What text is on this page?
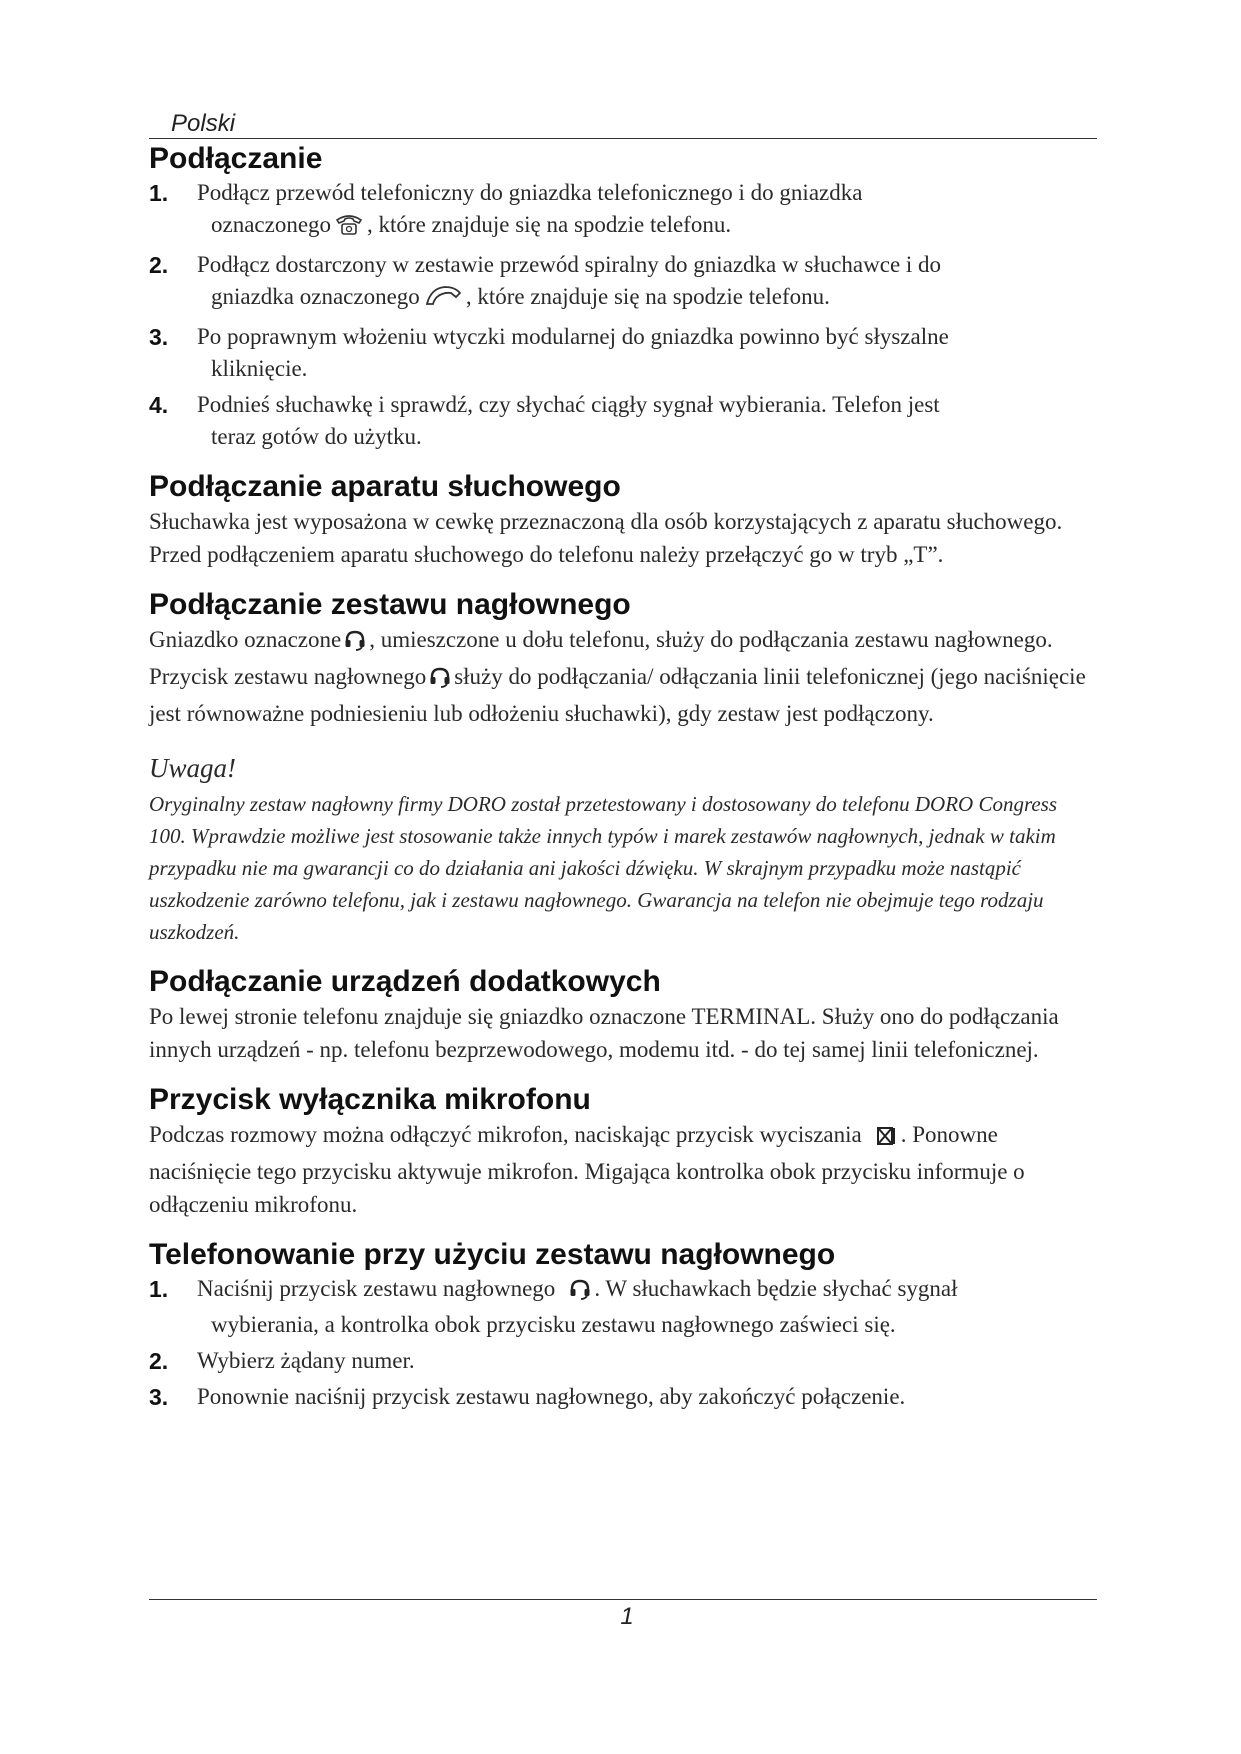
Polski
Podłączanie
1.	Podłącz przewód telefoniczny do gniazdka telefonicznego i do gniazdka
oznaczonego , które znajduje się na spodzie telefonu.
2.	Podłącz dostarczony w zestawie przewód spiralny do gniazdka w słuchawce i do
gniazdka oznaczonego , które znajduje się na spodzie telefonu.
3.	Po poprawnym włożeniu wtyczki modularnej do gniazdka powinno być słyszalne
kliknięcie.
4.	Podnieś słuchawkę i sprawdź, czy słychać ciągły sygnał wybierania. Telefon jest
teraz gotów do użytku.
Podłączanie aparatu słuchowego

Słuchawka jest wyposażona w cewkę przeznaczoną dla osób korzystających z aparatu słuchowego. Przed podłączeniem aparatu słuchowego do telefonu należy przełączyć go w tryb „T”.

Podłączanie zestawu nagłownego

Gniazdko oznaczone , umieszczone u dołu telefonu, służy do podłączania zestawu nagłownego. Przycisk zestawu nagłownego służy do podłączania/ odłączania linii telefonicznej (jego naciśnięcie jest równoważne podniesieniu lub odłożeniu słuchawki), gdy zestaw jest podłączony.

Uwaga!

Oryginalny zestaw nagłowny firmy DORO został przetestowany i dostosowany do telefonu DORO Congress 100. Wprawdzie możliwe jest stosowanie także innych typów i marek zestawów nagłownych, jednak w takim przypadku nie ma gwarancji co do działania ani jakości dźwięku. W skrajnym przypadku może nastąpić uszkodzenie zarówno telefonu, jak i zestawu nagłownego. Gwarancja na telefon nie obejmuje tego rodzaju uszkodzeń.

Podłączanie urządzeń dodatkowych

Po lewej stronie telefonu znajduje się gniazdko oznaczone TERMINAL. Służy ono do podłączania innych urządzeń - np. telefonu bezprzewodowego, modemu itd. - do tej samej linii telefonicznej.

Przycisk wyłącznika mikrofonu

Podczas rozmowy można odłączyć mikrofon, naciskając przycisk wyciszania . Ponowne naciśnięcie tego przycisku aktywuje mikrofon. Migająca kontrolka obok przycisku informuje o odłączeniu mikrofonu.

Telefonowanie przy użyciu zestawu nagłownego
1.	Naciśnij przycisk zestawu nagłownego . W słuchawkach będzie słychać sygnał
wybierania, a kontrolka obok przycisku zestawu nagłownego zaświeci się.
2.	Wybierz żądany numer.
3.	Ponownie naciśnij przycisk zestawu nagłownego, aby zakończyć połączenie.
1
